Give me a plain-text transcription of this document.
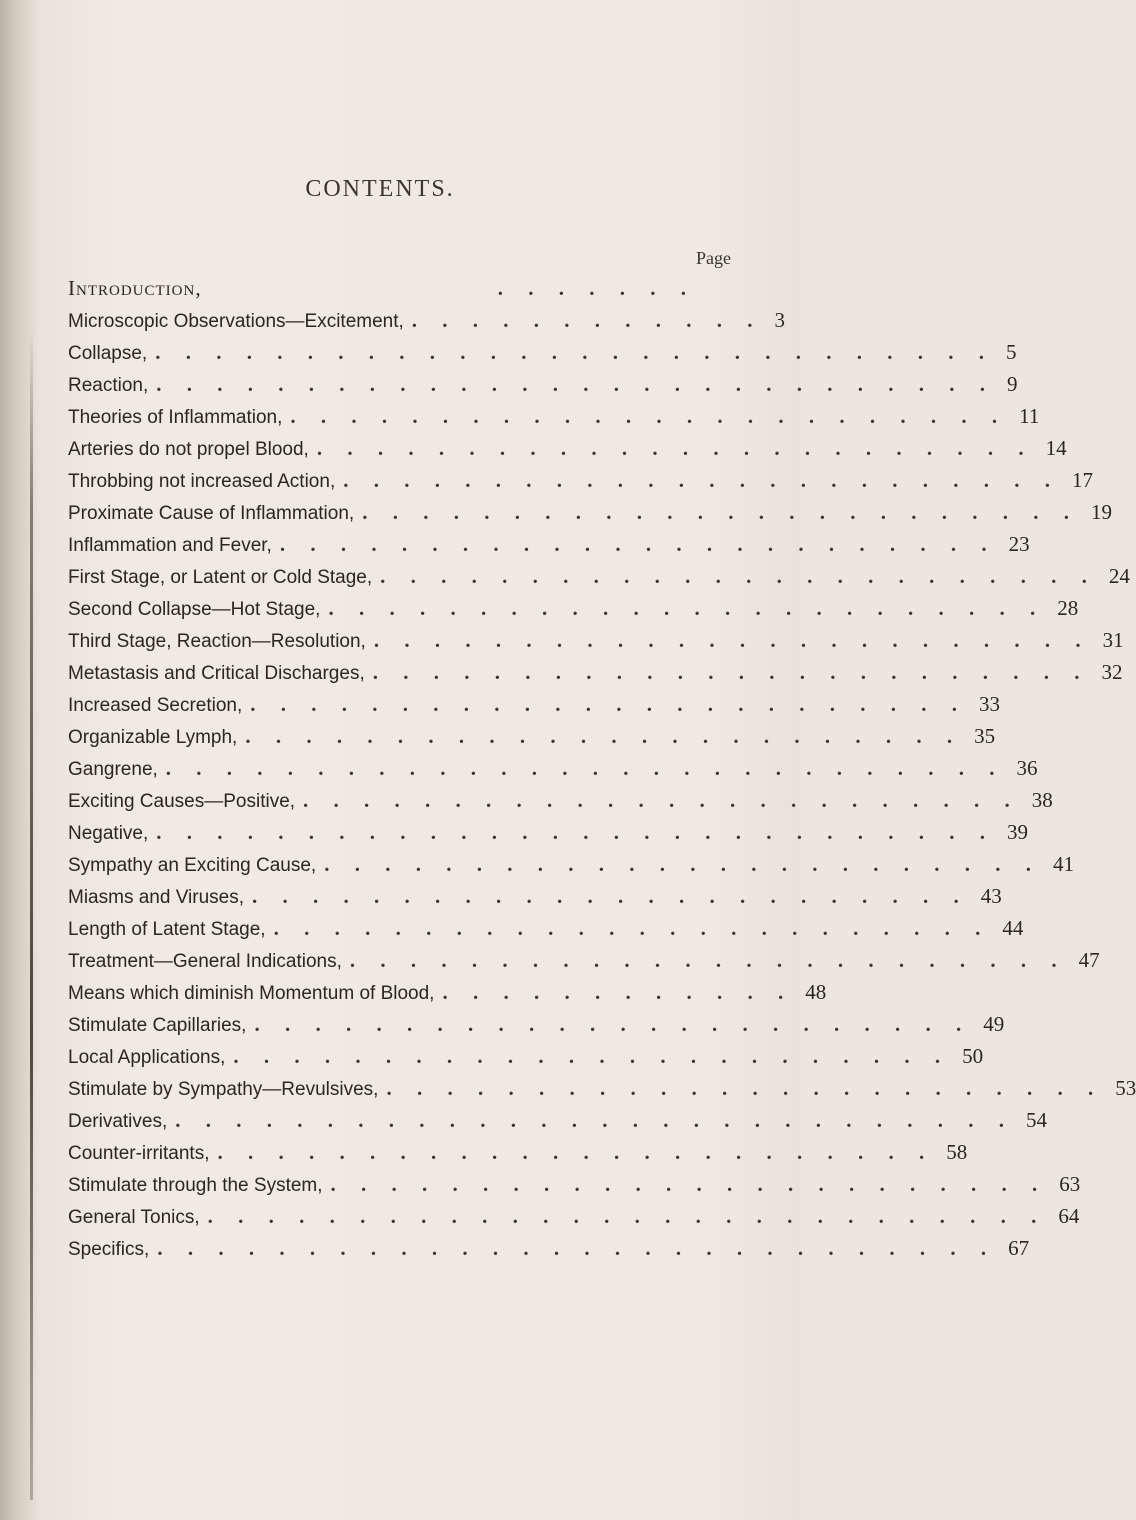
CONTENTS.
Page
Introduction,	. . . . . . .
Microscopic Observations—Excitement, . . . . . . . . . . . . 3
Collapse, . . . . . . . . . . . . . . . . . . . . . . . . . . . . 5
Reaction, . . . . . . . . . . . . . . . . . . . . . . . . . . . . 9
Theories of Inflammation, . . . . . . . . . . . . . . . . . . . . . . . . 11
Arteries do not propel Blood, . . . . . . . . . . . . . . . . . . . . . . . . 14
Throbbing not increased Action, . . . . . . . . . . . . . . . . . . . . . . . . 17
Proximate Cause of Inflammation, . . . . . . . . . . . . . . . . . . . . . . . . 19
Inflammation and Fever, . . . . . . . . . . . . . . . . . . . . . . . . 23
First Stage, or Latent or Cold Stage, . . . . . . . . . . . . . . . . . . . . . . . . 24
Second Collapse—Hot Stage, . . . . . . . . . . . . . . . . . . . . . . . . 28
Third Stage, Reaction—Resolution, . . . . . . . . . . . . . . . . . . . . . . . . 31
Metastasis and Critical Discharges, . . . . . . . . . . . . . . . . . . . . . . . . 32
Increased Secretion, . . . . . . . . . . . . . . . . . . . . . . . . 33
Organizable Lymph, . . . . . . . . . . . . . . . . . . . . . . . . 35
Gangrene, . . . . . . . . . . . . . . . . . . . . . . . . . . . . 36
Exciting Causes—Positive, . . . . . . . . . . . . . . . . . . . . . . . . 38
Negative, . . . . . . . . . . . . . . . . . . . . . . . . . . . . 39
Sympathy an Exciting Cause, . . . . . . . . . . . . . . . . . . . . . . . . 41
Miasms and Viruses, . . . . . . . . . . . . . . . . . . . . . . . . 43
Length of Latent Stage, . . . . . . . . . . . . . . . . . . . . . . . . 44
Treatment—General Indications, . . . . . . . . . . . . . . . . . . . . . . . . 47
Means which diminish Momentum of Blood, . . . . . . . . . . . . 48
Stimulate Capillaries, . . . . . . . . . . . . . . . . . . . . . . . . 49
Local Applications, . . . . . . . . . . . . . . . . . . . . . . . . 50
Stimulate by Sympathy—Revulsives, . . . . . . . . . . . . . . . . . . . . . . . . 53
Derivatives, . . . . . . . . . . . . . . . . . . . . . . . . . . . . 54
Counter-irritants, . . . . . . . . . . . . . . . . . . . . . . . . 58
Stimulate through the System, . . . . . . . . . . . . . . . . . . . . . . . . 63
General Tonics, . . . . . . . . . . . . . . . . . . . . . . . . . . . . 64
Specifics, . . . . . . . . . . . . . . . . . . . . . . . . . . . . 67
